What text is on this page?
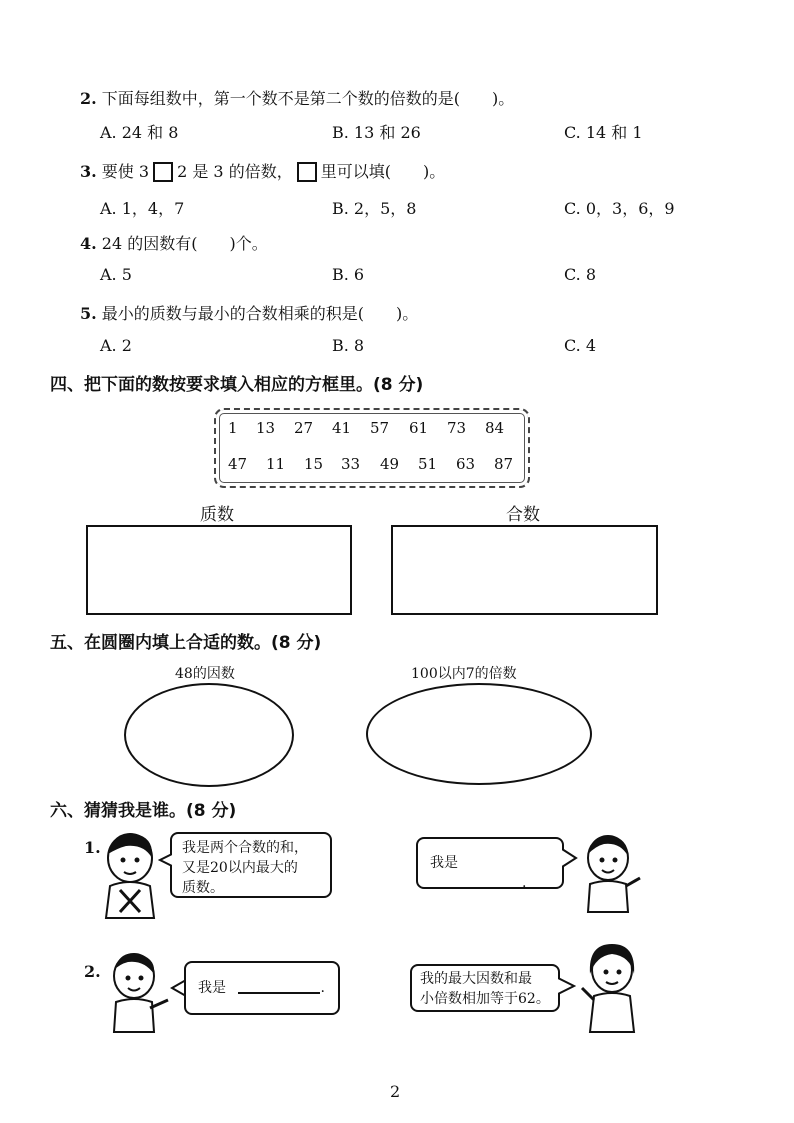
2. 下面每组数中，第一个数不是第二个数的倍数的是(　　)。
A. 24 和 8	B. 13 和 26	C. 14 和 1
3. 要使 3 2 是 3 的倍数， 里可以填(　　)。
A. 1，4，7	B. 2，5，8	C. 0，3，6，9
4. 24 的因数有(　　)个。
A. 5	B. 6	C. 8
5. 最小的质数与最小的合数相乘的积是(　　)。
A. 2	B. 8	C. 4
四、把下面的数按要求填入相应的方框里。(8 分)
1 13 27 41 57 61 73 84
47 11 15 33 49 51 63 87
质数	合数
五、在圆圈内填上合适的数。(8 分)
48的因数	100以内7的倍数
六、猜猜我是谁。(8 分)
1.	我是两个合数的和，
又是20以内最大的
质数。
我是 .
2.
我是	.
我的最大因数和最
小倍数相加等于62。
2
